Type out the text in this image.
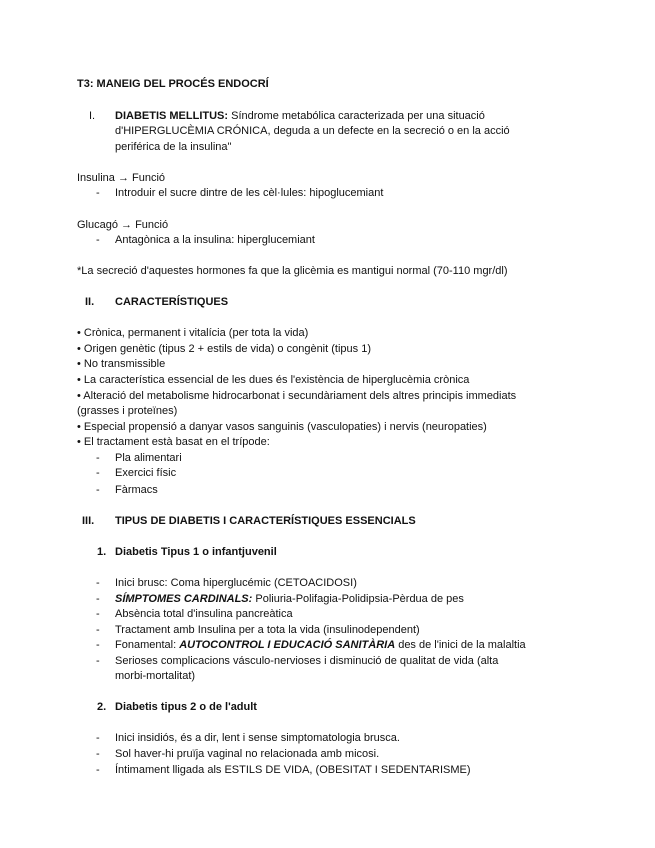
T3: MANEIG DEL PROCÉS ENDOCRÍ
I. DIABETIS MELLITUS: Síndrome metabólica caracterizada per una situació
d'HIPERGLUCÈMIA CRÓNICA, deguda a un defecte en la secreció o en la acció
periférica de la insulina"
Insulina → Funció
- Introduir el sucre dintre de les cèl·lules: hipoglucemiant
Glucagó → Funció
- Antagònica a la insulina: hiperglucemiant
*La secreció d'aquestes hormones fa que la glicèmia es mantigui normal (70-110 mgr/dl)
II. CARACTERÍSTIQUES
• Crònica, permanent i vitalícia (per tota la vida)
• Origen genètic (tipus 2 + estils de vida) o congènit (tipus 1)
• No transmissible
• La característica essencial de les dues és l'existència de hiperglucèmia crònica
• Alteració del metabolisme hidrocarbonat i secundàriament dels altres principis immediats
(grasses i proteïnes)
• Especial propensió a danyar vasos sanguinis (vasculopaties) i nervis (neuropaties)
• El tractament està basat en el trípode:
- Pla alimentari
- Exercici físic
- Fàrmacs
III. TIPUS DE DIABETIS I CARACTERÍSTIQUES ESSENCIALS
1. Diabetis Tipus 1 o infantjuvenil
- Inici brusc: Coma hiperglucémic (CETOACIDOSI)
- SÍMPTOMES CARDINALS: Poliuria-Polifagia-Polidipsia-Pèrdua de pes
- Absència total d'insulina pancreàtica
- Tractament amb Insulina per a tota la vida (insulinodependent)
- Fonamental: AUTOCONTROL I EDUCACIÓ SANITÀRIA des de l'inici de la malaltia
- Serioses complicacions vásculo-nervioses i disminució de qualitat de vida (alta
morbi-mortalitat)
2. Diabetis tipus 2 o de l'adult
- Inici insidiós, és a dir, lent i sense simptomatologia brusca.
- Sol haver-hi pruïja vaginal no relacionada amb micosi.
- Íntimament lligada als ESTILS DE VIDA, (OBESITAT I SEDENTARISME)
